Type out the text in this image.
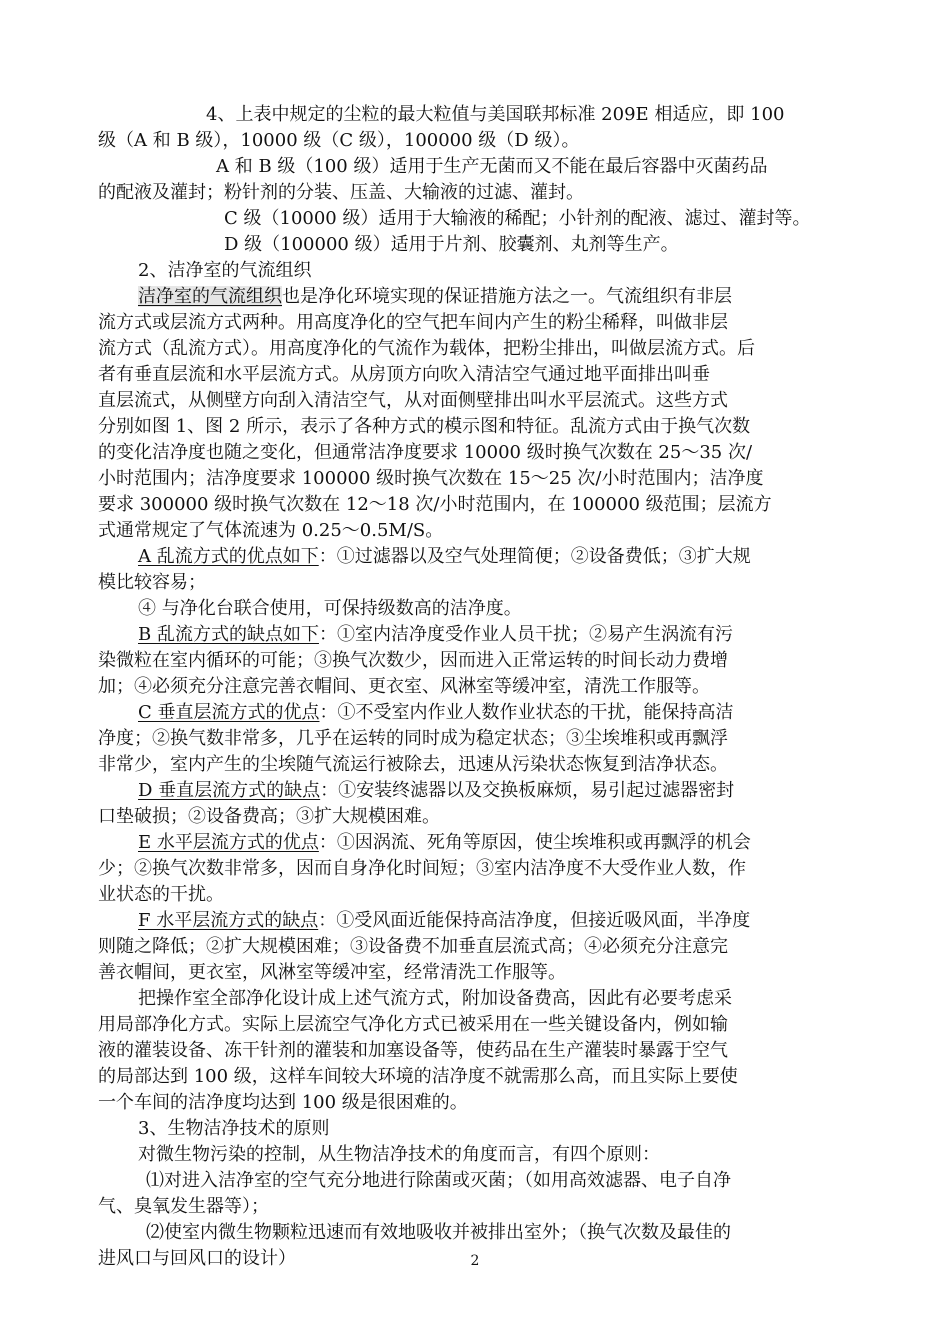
4、上表中规定的尘粒的最大粒值与美国联邦标准 209E 相适应，即 100
级（A 和 B 级），10000 级（C 级），100000 级（D 级）。
A 和 B 级（100 级）适用于生产无菌而又不能在最后容器中灭菌药品
的配液及灌封；粉针剂的分装、压盖、大输液的过滤、灌封。
C 级（10000 级）适用于大输液的稀配；小针剂的配液、滤过、灌封等。
D 级（100000 级）适用于片剂、胶囊剂、丸剂等生产。
2、洁净室的气流组织
洁净室的气流组织也是净化环境实现的保证措施方法之一。气流组织有非层
流方式或层流方式两种。用高度净化的空气把车间内产生的粉尘稀释，叫做非层
流方式（乱流方式）。用高度净化的气流作为载体，把粉尘排出，叫做层流方式。后
者有垂直层流和水平层流方式。从房顶方向吹入清洁空气通过地平面排出叫垂
直层流式，从侧壁方向刮入清洁空气，从对面侧壁排出叫水平层流式。这些方式
分别如图 1、图 2 所示，表示了各种方式的模示图和特征。乱流方式由于换气次数
的变化洁净度也随之变化，但通常洁净度要求 10000 级时换气次数在 25～35 次/
小时范围内；洁净度要求 100000 级时换气次数在 15～25 次/小时范围内；洁净度
要求 300000 级时换气次数在 12～18 次/小时范围内，在 100000 级范围；层流方
式通常规定了气体流速为 0.25～0.5M/S。
A 乱流方式的优点如下：①过滤器以及空气处理简便；②设备费低；③扩大规
模比较容易；
④ 与净化台联合使用，可保持级数高的洁净度。
B 乱流方式的缺点如下：①室内洁净度受作业人员干扰；②易产生涡流有污
染微粒在室内循环的可能；③换气次数少，因而进入正常运转的时间长动力费增
加；④必须充分注意完善衣帽间、更衣室、风淋室等缓冲室，清洗工作服等。
C 垂直层流方式的优点：①不受室内作业人数作业状态的干扰，能保持高洁
净度；②换气数非常多，几乎在运转的同时成为稳定状态；③尘埃堆积或再飘浮
非常少，室内产生的尘埃随气流运行被除去，迅速从污染状态恢复到洁净状态。
D 垂直层流方式的缺点：①安装终滤器以及交换板麻烦，易引起过滤器密封
口垫破损；②设备费高；③扩大规模困难。
E 水平层流方式的优点：①因涡流、死角等原因，使尘埃堆积或再飘浮的机会
少；②换气次数非常多，因而自身净化时间短；③室内洁净度不大受作业人数，作
业状态的干扰。
F 水平层流方式的缺点：①受风面近能保持高洁净度，但接近吸风面，半净度
则随之降低；②扩大规模困难；③设备费不加垂直层流式高；④必须充分注意完
善衣帽间，更衣室，风淋室等缓冲室，经常清洗工作服等。
把操作室全部净化设计成上述气流方式，附加设备费高，因此有必要考虑采
用局部净化方式。实际上层流空气净化方式已被采用在一些关键设备内，例如输
液的灌装设备、冻干针剂的灌装和加塞设备等，使药品在生产灌装时暴露于空气
的局部达到 100 级，这样车间较大环境的洁净度不就需那么高，而且实际上要使
一个车间的洁净度均达到 100 级是很困难的。
3、生物洁净技术的原则
对微生物污染的控制，从生物洁净技术的角度而言，有四个原则：
⑴对进入洁净室的空气充分地进行除菌或灭菌；（如用高效滤器、电子自净
气、臭氧发生器等）；
⑵使室内微生物颗粒迅速而有效地吸收并被排出室外；（换气次数及最佳的
进风口与回风口的设计）	2
